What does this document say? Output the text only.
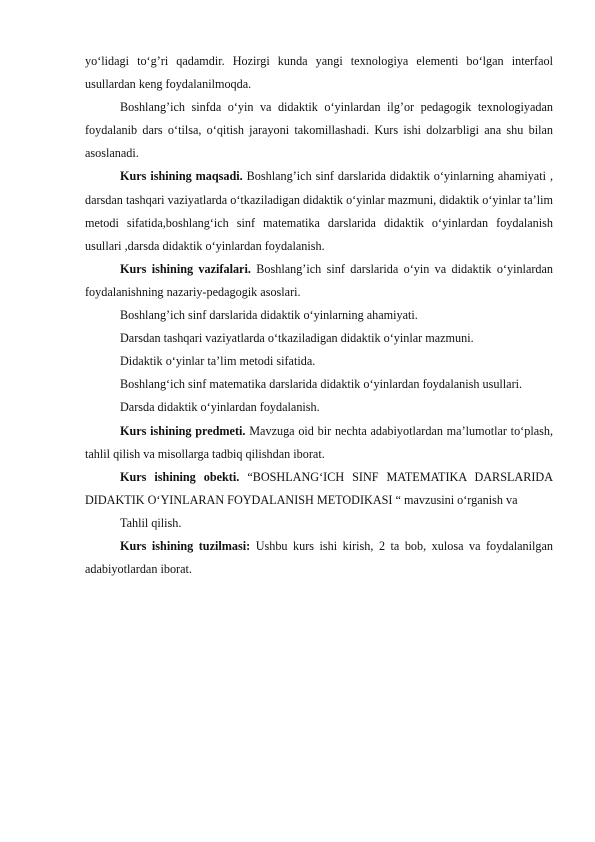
yoʻlidagi toʻg’ri qadamdir. Hozirgi kunda yangi texnologiya elementi boʻlgan interfaol usullardan keng foydalanilmoqda.

Boshlang’ich sinfda oʻyin va didaktik oʻyinlardan ilg’or pedagogik texnologiyadan foydalanib dars oʻtilsa, oʻqitish jarayoni takomillashadi. Kurs ishi dolzarbligi ana shu bilan asoslanadi.

Kurs ishining maqsadi. Boshlang’ich sinf darslarida didaktik oʻyinlarning ahamiyati , darsdan tashqari vaziyatlarda oʻtkaziladigan didaktik oʻyinlar mazmuni, didaktik oʻyinlar ta’lim metodi sifatida,boshlangʻich sinf matematika darslarida didaktik oʻyinlardan foydalanish usullari ,darsda didaktik oʻyinlardan foydalanish.

Kurs ishining vazifalari. Boshlang’ich sinf darslarida oʻyin va didaktik oʻyinlardan foydalanishning nazariy-pedagogik asoslari.

Boshlang’ich sinf darslarida didaktik oʻyinlarning ahamiyati.

Darsdan tashqari vaziyatlarda oʻtkaziladigan didaktik oʻyinlar mazmuni.

Didaktik oʻyinlar ta’lim metodi sifatida.

Boshlangʻich sinf matematika darslarida didaktik oʻyinlardan foydalanish usullari.

Darsda didaktik oʻyinlardan foydalanish.

Kurs ishining predmeti. Mavzuga oid bir nechta adabiyotlardan ma’lumotlar toʻplash, tahlil qilish va misollarga tadbiq qilishdan iborat.

Kurs ishining obekti. “BOSHLANGʻICH SINF MATEMATIKA DARSLARIDA DIDAKTIK OʻYINLARAN FOYDALANISH METODIKASI “ mavzusini oʻrganish va

Tahlil qilish.

Kurs ishining tuzilmasi: Ushbu kurs ishi kirish, 2 ta bob, xulosa va foydalanilgan adabiyotlardan iborat.
